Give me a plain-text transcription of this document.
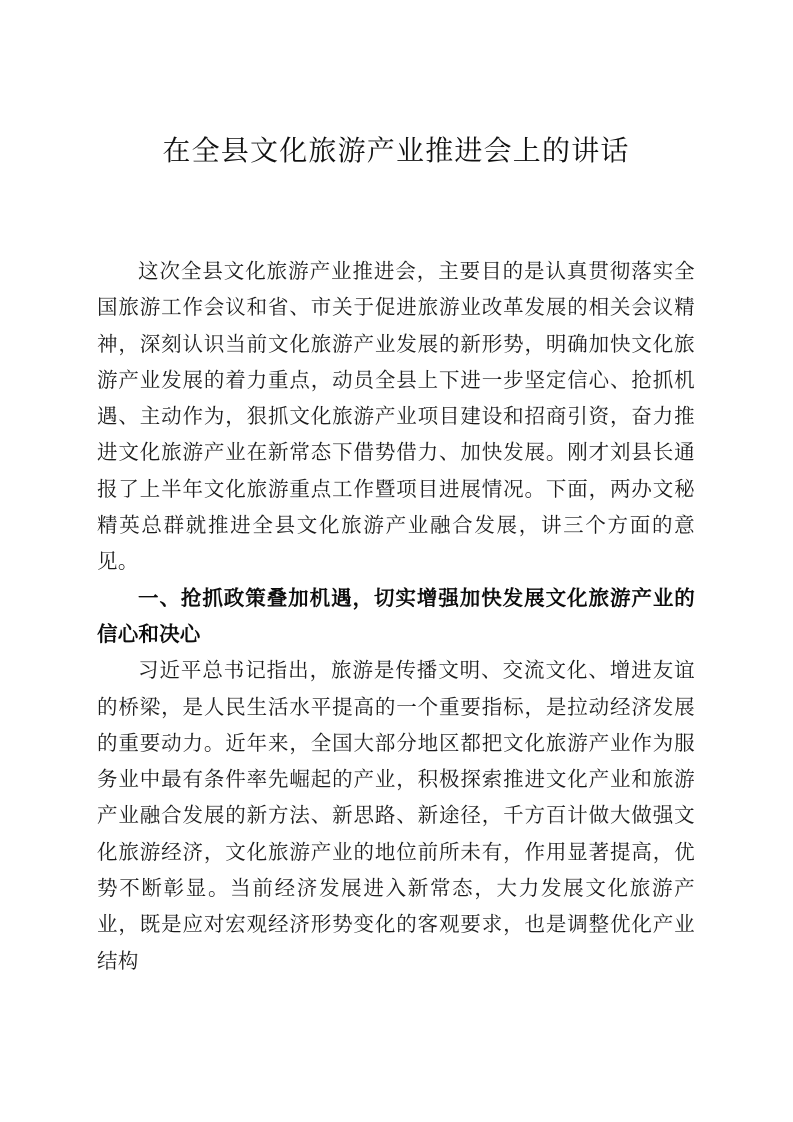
在全县文化旅游产业推进会上的讲话

这次全县文化旅游产业推进会，主要目的是认真贯彻落实全国旅游工作会议和省、市关于促进旅游业改革发展的相关会议精神，深刻认识当前文化旅游产业发展的新形势，明确加快文化旅游产业发展的着力重点，动员全县上下进一步坚定信心、抢抓机遇、主动作为，狠抓文化旅游产业项目建设和招商引资，奋力推进文化旅游产业在新常态下借势借力、加快发展。刚才刘县长通报了上半年文化旅游重点工作暨项目进展情况。下面，两办文秘精英总群就推进全县文化旅游产业融合发展，讲三个方面的意见。

一、抢抓政策叠加机遇，切实增强加快发展文化旅游产业的信心和决心

习近平总书记指出，旅游是传播文明、交流文化、增进友谊的桥梁，是人民生活水平提高的一个重要指标，是拉动经济发展的重要动力。近年来，全国大部分地区都把文化旅游产业作为服务业中最有条件率先崛起的产业，积极探索推进文化产业和旅游产业融合发展的新方法、新思路、新途径，千方百计做大做强文化旅游经济，文化旅游产业的地位前所未有，作用显著提高，优势不断彰显。当前经济发展进入新常态，大力发展文化旅游产业，既是应对宏观经济形势变化的客观要求，也是调整优化产业结构
